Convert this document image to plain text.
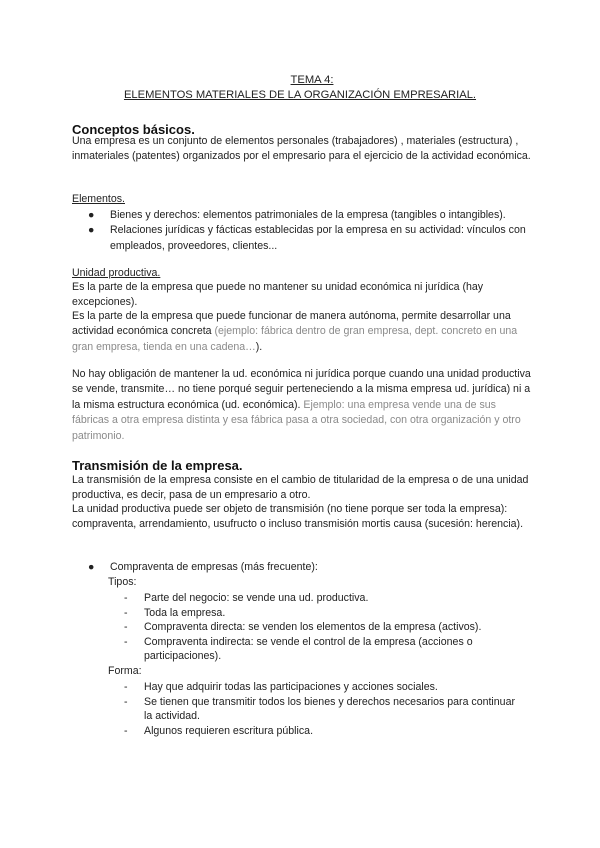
TEMA 4:
ELEMENTOS MATERIALES DE LA ORGANIZACIÓN EMPRESARIAL.
Conceptos básicos.
Una empresa es un conjunto de elementos personales (trabajadores) , materiales (estructura) , inmateriales (patentes) organizados por el empresario para el ejercicio de la actividad económica.
Elementos.
● Bienes y derechos: elementos patrimoniales de la empresa (tangibles o intangibles).
● Relaciones jurídicas y fácticas establecidas por la empresa en su actividad: vínculos con empleados, proveedores, clientes...
Unidad productiva.
Es la parte de la empresa que puede no mantener su unidad económica ni jurídica (hay excepciones).
Es la parte de la empresa que puede funcionar de manera autónoma, permite desarrollar una actividad económica concreta (ejemplo: fábrica dentro de gran empresa, dept. concreto en una gran empresa, tienda en una cadena…).
No hay obligación de mantener la ud. económica ni jurídica porque cuando una unidad productiva se vende, transmite… no tiene porqué seguir perteneciendo a la misma empresa ud. jurídica) ni a la misma estructura económica (ud. económica). Ejemplo: una empresa vende una de sus fábricas a otra empresa distinta y esa fábrica pasa a otra sociedad, con otra organización y otro patrimonio.
Transmisión de la empresa.
La transmisión de la empresa consiste en el cambio de titularidad de la empresa o de una unidad productiva, es decir, pasa de un empresario a otro.
La unidad productiva puede ser objeto de transmisión (no tiene porque ser toda la empresa): compraventa, arrendamiento, usufructo o incluso transmisión mortis causa (sucesión: herencia).
● Compraventa de empresas (más frecuente):
Tipos:
- Parte del negocio: se vende una ud. productiva.
- Toda la empresa.
- Compraventa directa: se venden los elementos de la empresa (activos).
- Compraventa indirecta: se vende el control de la empresa (acciones o participaciones).
Forma:
- Hay que adquirir todas las participaciones y acciones sociales.
- Se tienen que transmitir todos los bienes y derechos necesarios para continuar la actividad.
- Algunos requieren escritura pública.
